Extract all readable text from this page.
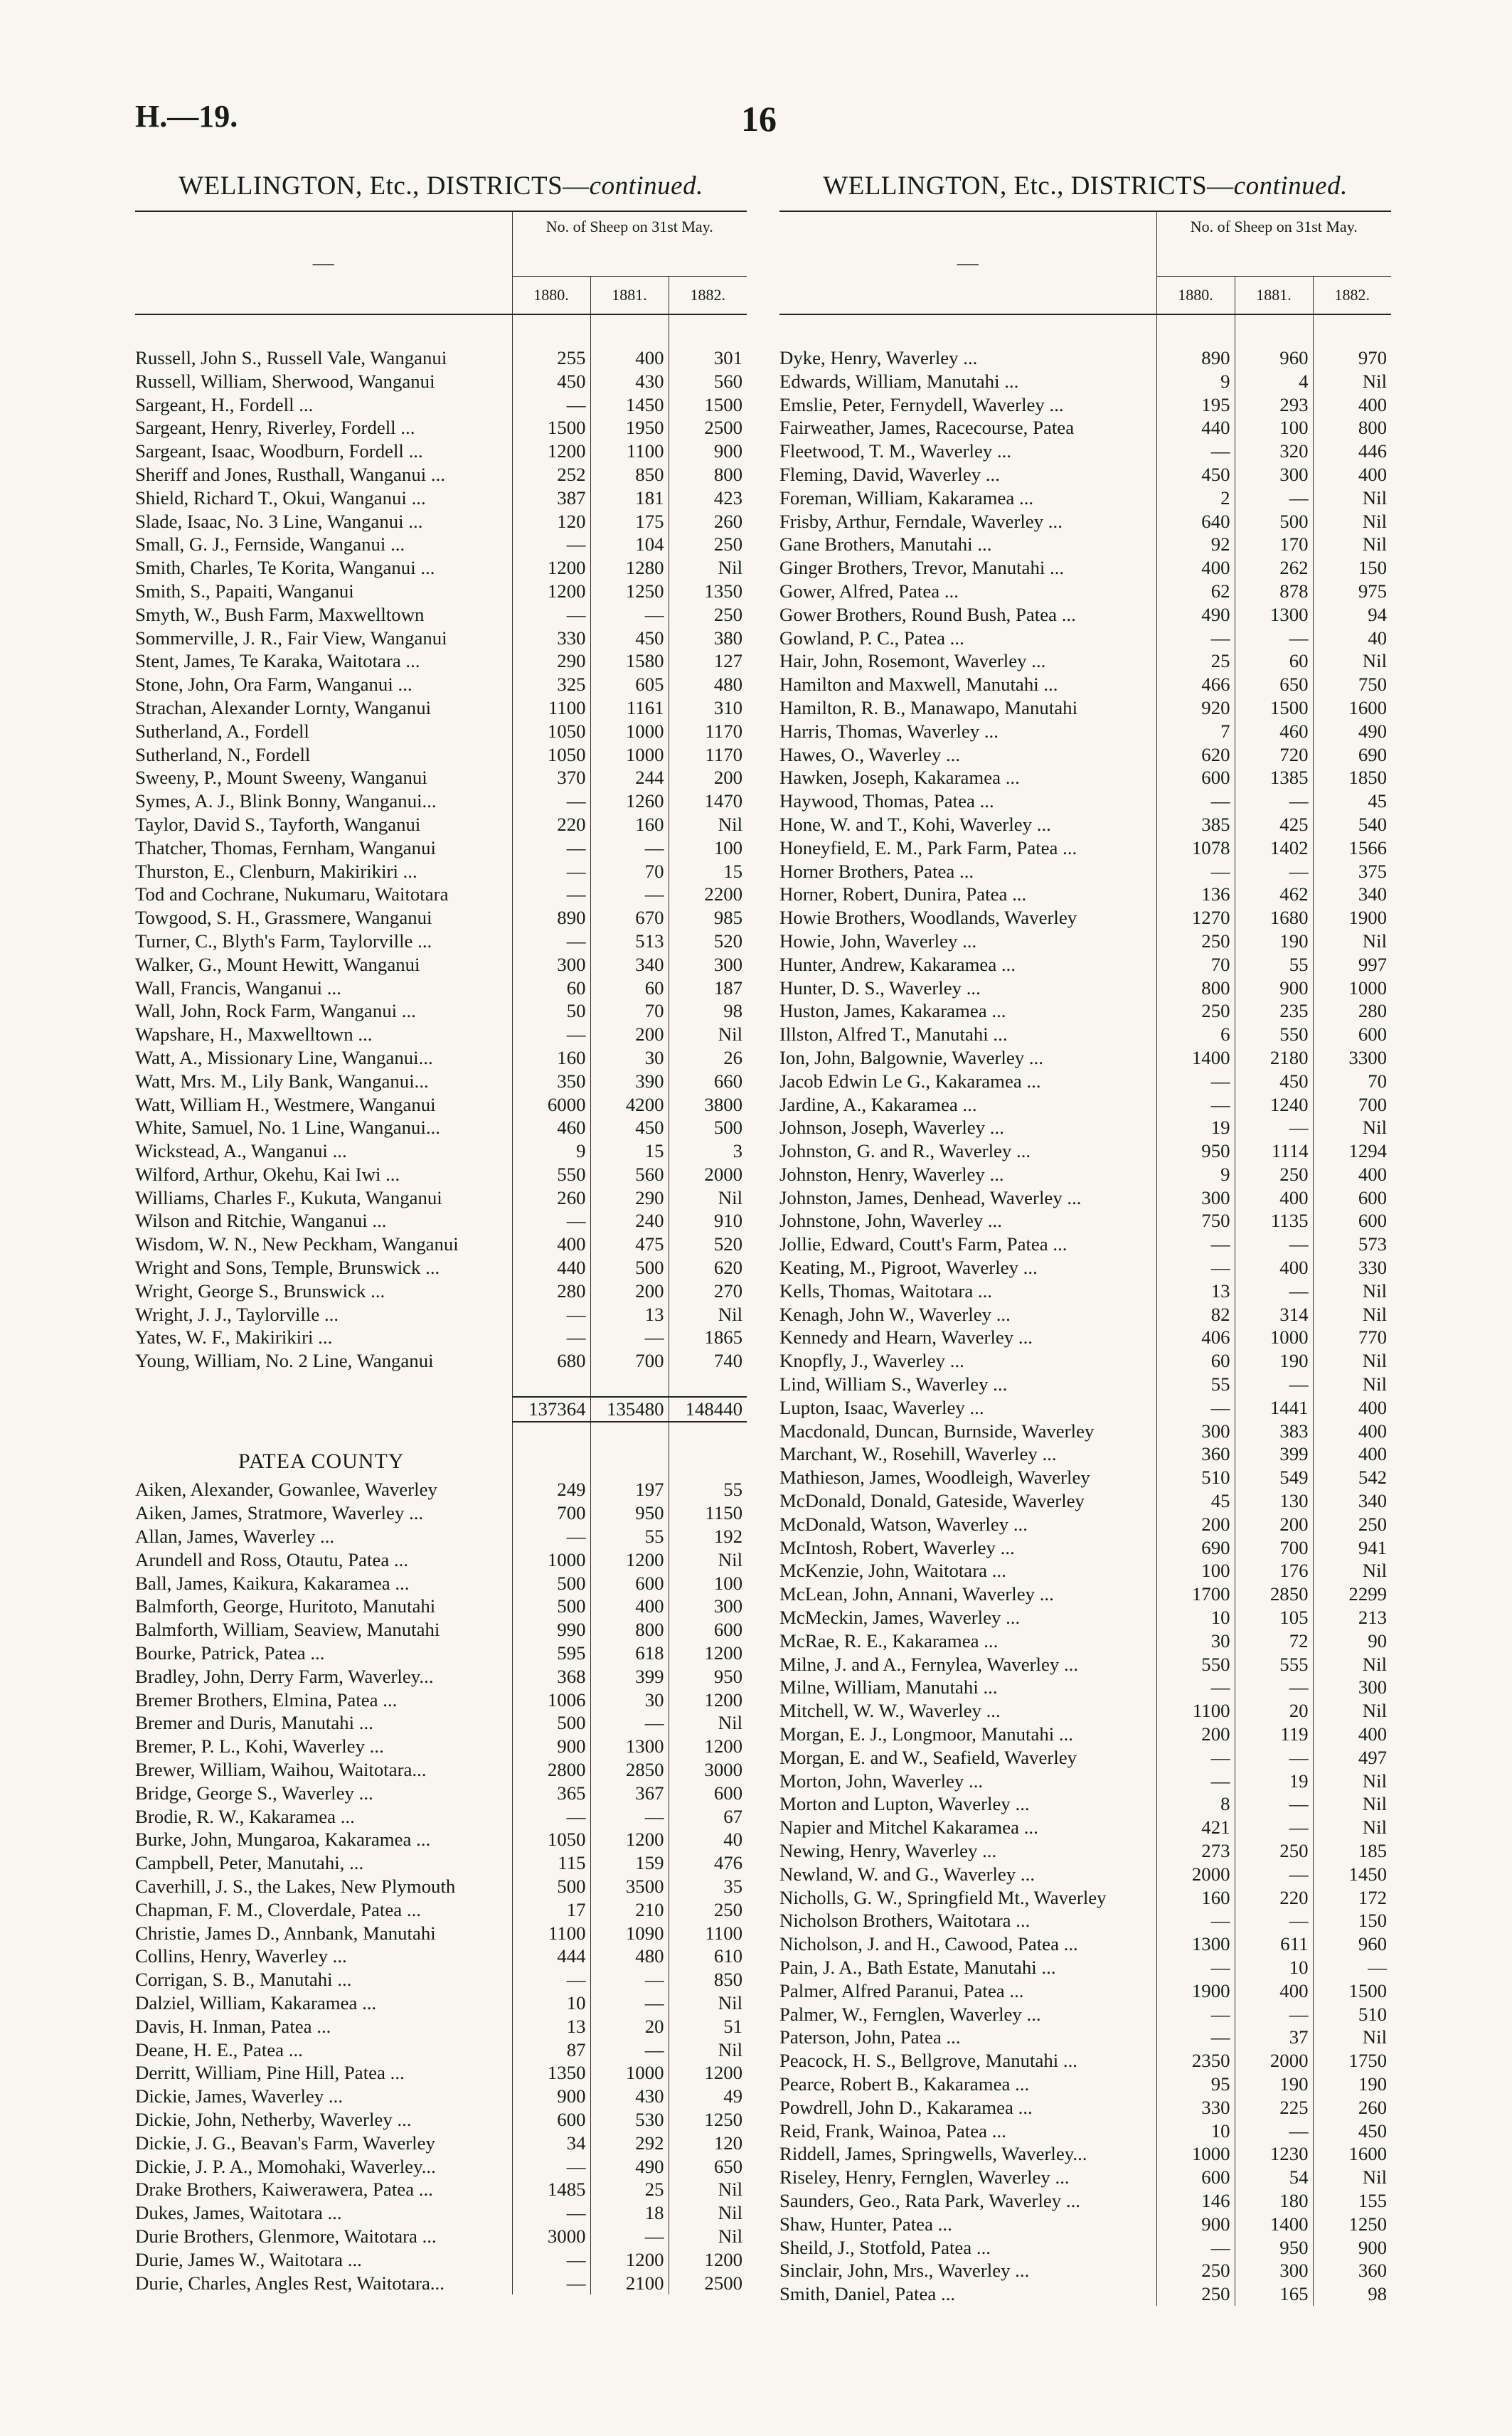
H.—19.	16
WELLINGTON, Etc., DISTRICTS—continued.
—	No. of Sheep on 31st May.		
	1880.	1881.	1882.

Russell, John S., Russell Vale, Wanganui	255	400	301
Russell, William, Sherwood, Wanganui	450	430	560
Sargeant, H., Fordell ...	—	1450	1500
Sargeant, Henry, Riverley, Fordell ...	1500	1950	2500
Sargeant, Isaac, Woodburn, Fordell ...	1200	1100	900
Sheriff and Jones, Rusthall, Wanganui ...	252	850	800
Shield, Richard T., Okui, Wanganui ...	387	181	423
Slade, Isaac, No. 3 Line, Wanganui ...	120	175	260
Small, G. J., Fernside, Wanganui ...	—	104	250
Smith, Charles, Te Korita, Wanganui ...	1200	1280	Nil
Smith, S., Papaiti, Wanganui	1200	1250	1350
Smyth, W., Bush Farm, Maxwelltown	—	—	250
Sommerville, J. R., Fair View, Wanganui	330	450	380
Stent, James, Te Karaka, Waitotara ...	290	1580	127
Stone, John, Ora Farm, Wanganui ...	325	605	480
Strachan, Alexander Lornty, Wanganui	1100	1161	310
Sutherland, A., Fordell	1050	1000	1170
Sutherland, N., Fordell	1050	1000	1170
Sweeny, P., Mount Sweeny, Wanganui	370	244	200
Symes, A. J., Blink Bonny, Wanganui...	—	1260	1470
Taylor, David S., Tayforth, Wanganui	220	160	Nil
Thatcher, Thomas, Fernham, Wanganui	—	—	100
Thurston, E., Clenburn, Makirikiri ...	—	70	15
Tod and Cochrane, Nukumaru, Waitotara	—	—	2200
Towgood, S. H., Grassmere, Wanganui	890	670	985
Turner, C., Blyth's Farm, Taylorville ...	—	513	520
Walker, G., Mount Hewitt, Wanganui	300	340	300
Wall, Francis, Wanganui ...	60	60	187
Wall, John, Rock Farm, Wanganui ...	50	70	98
Wapshare, H., Maxwelltown ...	—	200	Nil
Watt, A., Missionary Line, Wanganui...	160	30	26
Watt, Mrs. M., Lily Bank, Wanganui...	350	390	660
Watt, William H., Westmere, Wanganui	6000	4200	3800
White, Samuel, No. 1 Line, Wanganui...	460	450	500
Wickstead, A., Wanganui ...	9	15	3
Wilford, Arthur, Okehu, Kai Iwi ...	550	560	2000
Williams, Charles F., Kukuta, Wanganui	260	290	Nil
Wilson and Ritchie, Wanganui ...	—	240	910
Wisdom, W. N., New Peckham, Wanganui	400	475	520
Wright and Sons, Temple, Brunswick ...	440	500	620
Wright, George S., Brunswick ...	280	200	270
Wright, J. J., Taylorville ...	—	13	Nil
Yates, W. F., Makirikiri ...	—	—	1865
Young, William, No. 2 Line, Wanganui	680	700	740

	137364	135480	148440

PATEA COUNTY			
Aiken, Alexander, Gowanlee, Waverley	249	197	55
Aiken, James, Stratmore, Waverley ...	700	950	1150
Allan, James, Waverley ...	—	55	192
Arundell and Ross, Otautu, Patea ...	1000	1200	Nil
Ball, James, Kaikura, Kakaramea ...	500	600	100
Balmforth, George, Huritoto, Manutahi	500	400	300
Balmforth, William, Seaview, Manutahi	990	800	600
Bourke, Patrick, Patea ...	595	618	1200
Bradley, John, Derry Farm, Waverley...	368	399	950
Bremer Brothers, Elmina, Patea ...	1006	30	1200
Bremer and Duris, Manutahi ...	500	—	Nil
Bremer, P. L., Kohi, Waverley ...	900	1300	1200
Brewer, William, Waihou, Waitotara...	2800	2850	3000
Bridge, George S., Waverley ...	365	367	600
Brodie, R. W., Kakaramea ...	—	—	67
Burke, John, Mungaroa, Kakaramea ...	1050	1200	40
Campbell, Peter, Manutahi, ...	115	159	476
Caverhill, J. S., the Lakes, New Plymouth	500	3500	35
Chapman, F. M., Cloverdale, Patea ...	17	210	250
Christie, James D., Annbank, Manutahi	1100	1090	1100
Collins, Henry, Waverley ...	444	480	610
Corrigan, S. B., Manutahi ...	—	—	850
Dalziel, William, Kakaramea ...	10	—	Nil
Davis, H. Inman, Patea ...	13	20	51
Deane, H. E., Patea ...	87	—	Nil
Derritt, William, Pine Hill, Patea ...	1350	1000	1200
Dickie, James, Waverley ...	900	430	49
Dickie, John, Netherby, Waverley ...	600	530	1250
Dickie, J. G., Beavan's Farm, Waverley	34	292	120
Dickie, J. P. A., Momohaki, Waverley...	—	490	650
Drake Brothers, Kaiwerawera, Patea ...	1485	25	Nil
Dukes, James, Waitotara ...	—	18	Nil
Durie Brothers, Glenmore, Waitotara ...	3000	—	Nil
Durie, James W., Waitotara ...	—	1200	1200
Durie, Charles, Angles Rest, Waitotara...	—	2100	2500
WELLINGTON, Etc., DISTRICTS—continued.
—	No. of Sheep on 31st May.		
	1880.	1881.	1882.

Dyke, Henry, Waverley ...	890	960	970
Edwards, William, Manutahi ...	9	4	Nil
Emslie, Peter, Fernydell, Waverley ...	195	293	400
Fairweather, James, Racecourse, Patea	440	100	800
Fleetwood, T. M., Waverley ...	—	320	446
Fleming, David, Waverley ...	450	300	400
Foreman, William, Kakaramea ...	2	—	Nil
Frisby, Arthur, Ferndale, Waverley ...	640	500	Nil
Gane Brothers, Manutahi ...	92	170	Nil
Ginger Brothers, Trevor, Manutahi ...	400	262	150
Gower, Alfred, Patea ...	62	878	975
Gower Brothers, Round Bush, Patea ...	490	1300	94
Gowland, P. C., Patea ...	—	—	40
Hair, John, Rosemont, Waverley ...	25	60	Nil
Hamilton and Maxwell, Manutahi ...	466	650	750
Hamilton, R. B., Manawapo, Manutahi	920	1500	1600
Harris, Thomas, Waverley ...	7	460	490
Hawes, O., Waverley ...	620	720	690
Hawken, Joseph, Kakaramea ...	600	1385	1850
Haywood, Thomas, Patea ...	—	—	45
Hone, W. and T., Kohi, Waverley ...	385	425	540
Honeyfield, E. M., Park Farm, Patea ...	1078	1402	1566
Horner Brothers, Patea ...	—	—	375
Horner, Robert, Dunira, Patea ...	136	462	340
Howie Brothers, Woodlands, Waverley	1270	1680	1900
Howie, John, Waverley ...	250	190	Nil
Hunter, Andrew, Kakaramea ...	70	55	997
Hunter, D. S., Waverley ...	800	900	1000
Huston, James, Kakaramea ...	250	235	280
Illston, Alfred T., Manutahi ...	6	550	600
Ion, John, Balgownie, Waverley ...	1400	2180	3300
Jacob Edwin Le G., Kakaramea ...	—	450	70
Jardine, A., Kakaramea ...	—	1240	700
Johnson, Joseph, Waverley ...	19	—	Nil
Johnston, G. and R., Waverley ...	950	1114	1294
Johnston, Henry, Waverley ...	9	250	400
Johnston, James, Denhead, Waverley ...	300	400	600
Johnstone, John, Waverley ...	750	1135	600
Jollie, Edward, Coutt's Farm, Patea ...	—	—	573
Keating, M., Pigroot, Waverley ...	—	400	330
Kells, Thomas, Waitotara ...	13	—	Nil
Kenagh, John W., Waverley ...	82	314	Nil
Kennedy and Hearn, Waverley ...	406	1000	770
Knopfly, J., Waverley ...	60	190	Nil
Lind, William S., Waverley ...	55	—	Nil
Lupton, Isaac, Waverley ...	—	1441	400
Macdonald, Duncan, Burnside, Waverley	300	383	400
Marchant, W., Rosehill, Waverley ...	360	399	400
Mathieson, James, Woodleigh, Waverley	510	549	542
McDonald, Donald, Gateside, Waverley	45	130	340
McDonald, Watson, Waverley ...	200	200	250
McIntosh, Robert, Waverley ...	690	700	941
McKenzie, John, Waitotara ...	100	176	Nil
McLean, John, Annani, Waverley ...	1700	2850	2299
McMeckin, James, Waverley ...	10	105	213
McRae, R. E., Kakaramea ...	30	72	90
Milne, J. and A., Fernylea, Waverley ...	550	555	Nil
Milne, William, Manutahi ...	—	—	300
Mitchell, W. W., Waverley ...	1100	20	Nil
Morgan, E. J., Longmoor, Manutahi ...	200	119	400
Morgan, E. and W., Seafield, Waverley	—	—	497
Morton, John, Waverley ...	—	19	Nil
Morton and Lupton, Waverley ...	8	—	Nil
Napier and Mitchel Kakaramea ...	421	—	Nil
Newing, Henry, Waverley ...	273	250	185
Newland, W. and G., Waverley ...	2000	—	1450
Nicholls, G. W., Springfield Mt., Waverley	160	220	172
Nicholson Brothers, Waitotara ...	—	—	150
Nicholson, J. and H., Cawood, Patea ...	1300	611	960
Pain, J. A., Bath Estate, Manutahi ...	—	10	—
Palmer, Alfred Paranui, Patea ...	1900	400	1500
Palmer, W., Fernglen, Waverley ...	—	—	510
Paterson, John, Patea ...	—	37	Nil
Peacock, H. S., Bellgrove, Manutahi ...	2350	2000	1750
Pearce, Robert B., Kakaramea ...	95	190	190
Powdrell, John D., Kakaramea ...	330	225	260
Reid, Frank, Wainoa, Patea ...	10	—	450
Riddell, James, Springwells, Waverley...	1000	1230	1600
Riseley, Henry, Fernglen, Waverley ...	600	54	Nil
Saunders, Geo., Rata Park, Waverley ...	146	180	155
Shaw, Hunter, Patea ...	900	1400	1250
Sheild, J., Stotfold, Patea ...	—	950	900
Sinclair, John, Mrs., Waverley ...	250	300	360
Smith, Daniel, Patea ...	250	165	98
